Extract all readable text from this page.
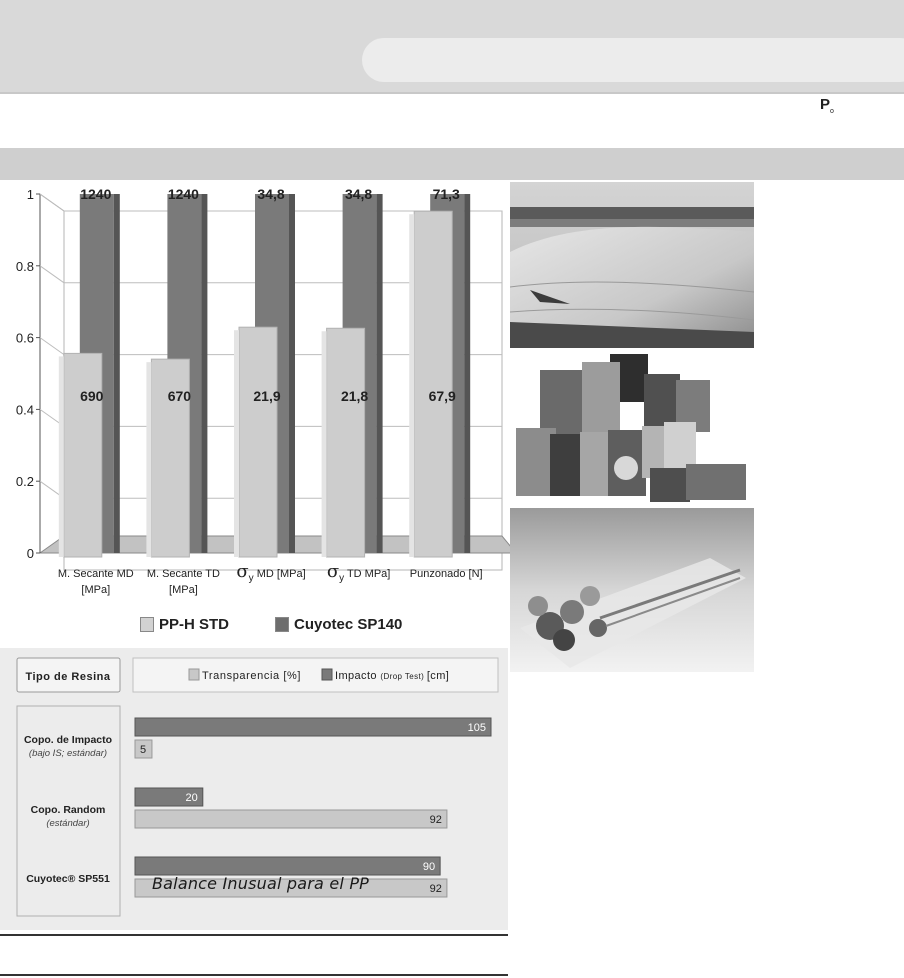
$P_o$
0
0.2
0.4
0.6
0.8
1	1240
690
1240
670
34,8
21,9
34,8
21,8
71,3
67,9
M. Secante MD
[MPa]
M. Secante TD
[MPa]
σy MD [MPa] σy TD MPa] Punzonado [N]
PP-H STD	Cuyotec SP140
Tipo de Resina	Transparencia [%]	Impacto (Drop Test) [cm]
Copo. de Impacto
(bajo IS; estándar)
Copo. Random
(estándar)
Cuyotec® SP551
105
5
20
92
90
92
Balance Inusual para el PP
